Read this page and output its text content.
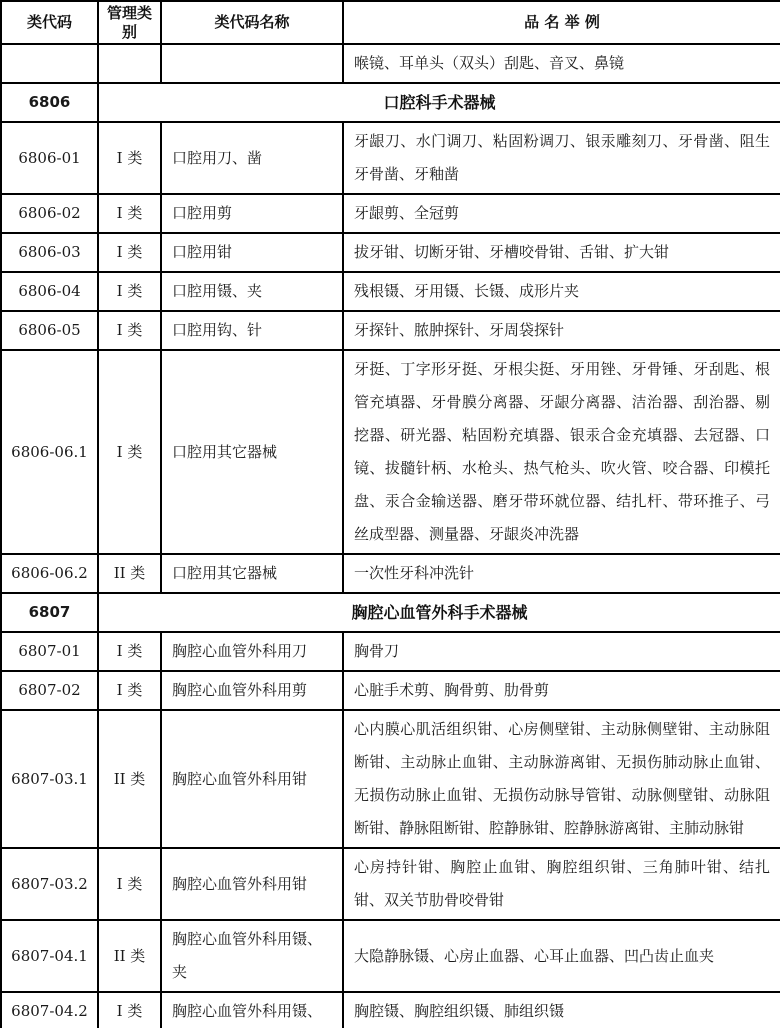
类代码	管理类别	类代码名称	品 名 举 例
			喉镜、耳单头（双头）刮匙、音叉、鼻镜
6806	口腔科手术器械		
6806-01	I 类	口腔用刀、凿	牙龈刀、水门调刀、粘固粉调刀、银汞雕刻刀、牙骨凿、阻生牙骨凿、牙釉凿
6806-02	I 类	口腔用剪	牙龈剪、全冠剪
6806-03	I 类	口腔用钳	拔牙钳、切断牙钳、牙槽咬骨钳、舌钳、扩大钳
6806-04	I 类	口腔用镊、夹	残根镊、牙用镊、长镊、成形片夹
6806-05	I 类	口腔用钩、针	牙探针、脓肿探针、牙周袋探针
6806-06.1	I 类	口腔用其它器械	牙挺、丁字形牙挺、牙根尖挺、牙用锉、牙骨锤、牙刮匙、根管充填器、牙骨膜分离器、牙龈分离器、洁治器、刮治器、剔挖器、研光器、粘固粉充填器、银汞合金充填器、去冠器、口镜、拔髓针柄、水枪头、热气枪头、吹火管、咬合器、印模托盘、汞合金输送器、磨牙带环就位器、结扎杆、带环推子、弓丝成型器、测量器、牙龈炎冲洗器
6806-06.2	II 类	口腔用其它器械	一次性牙科冲洗针
6807	胸腔心血管外科手术器械		
6807-01	I 类	胸腔心血管外科用刀	胸骨刀
6807-02	I 类	胸腔心血管外科用剪	心脏手术剪、胸骨剪、肋骨剪
6807-03.1	II 类	胸腔心血管外科用钳	心内膜心肌活组织钳、心房侧壁钳、主动脉侧壁钳、主动脉阻断钳、主动脉止血钳、主动脉游离钳、无损伤肺动脉止血钳、无损伤动脉止血钳、无损伤动脉导管钳、动脉侧壁钳、动脉阻断钳、静脉阻断钳、腔静脉钳、腔静脉游离钳、主肺动脉钳
6807-03.2	I 类	胸腔心血管外科用钳	心房持针钳、胸腔止血钳、胸腔组织钳、三角肺叶钳、结扎钳、双关节肋骨咬骨钳
6807-04.1	II 类	胸腔心血管外科用镊、夹	大隐静脉镊、心房止血器、心耳止血器、凹凸齿止血夹
6807-04.2	I 类	胸腔心血管外科用镊、	胸腔镊、胸腔组织镊、肺组织镊
